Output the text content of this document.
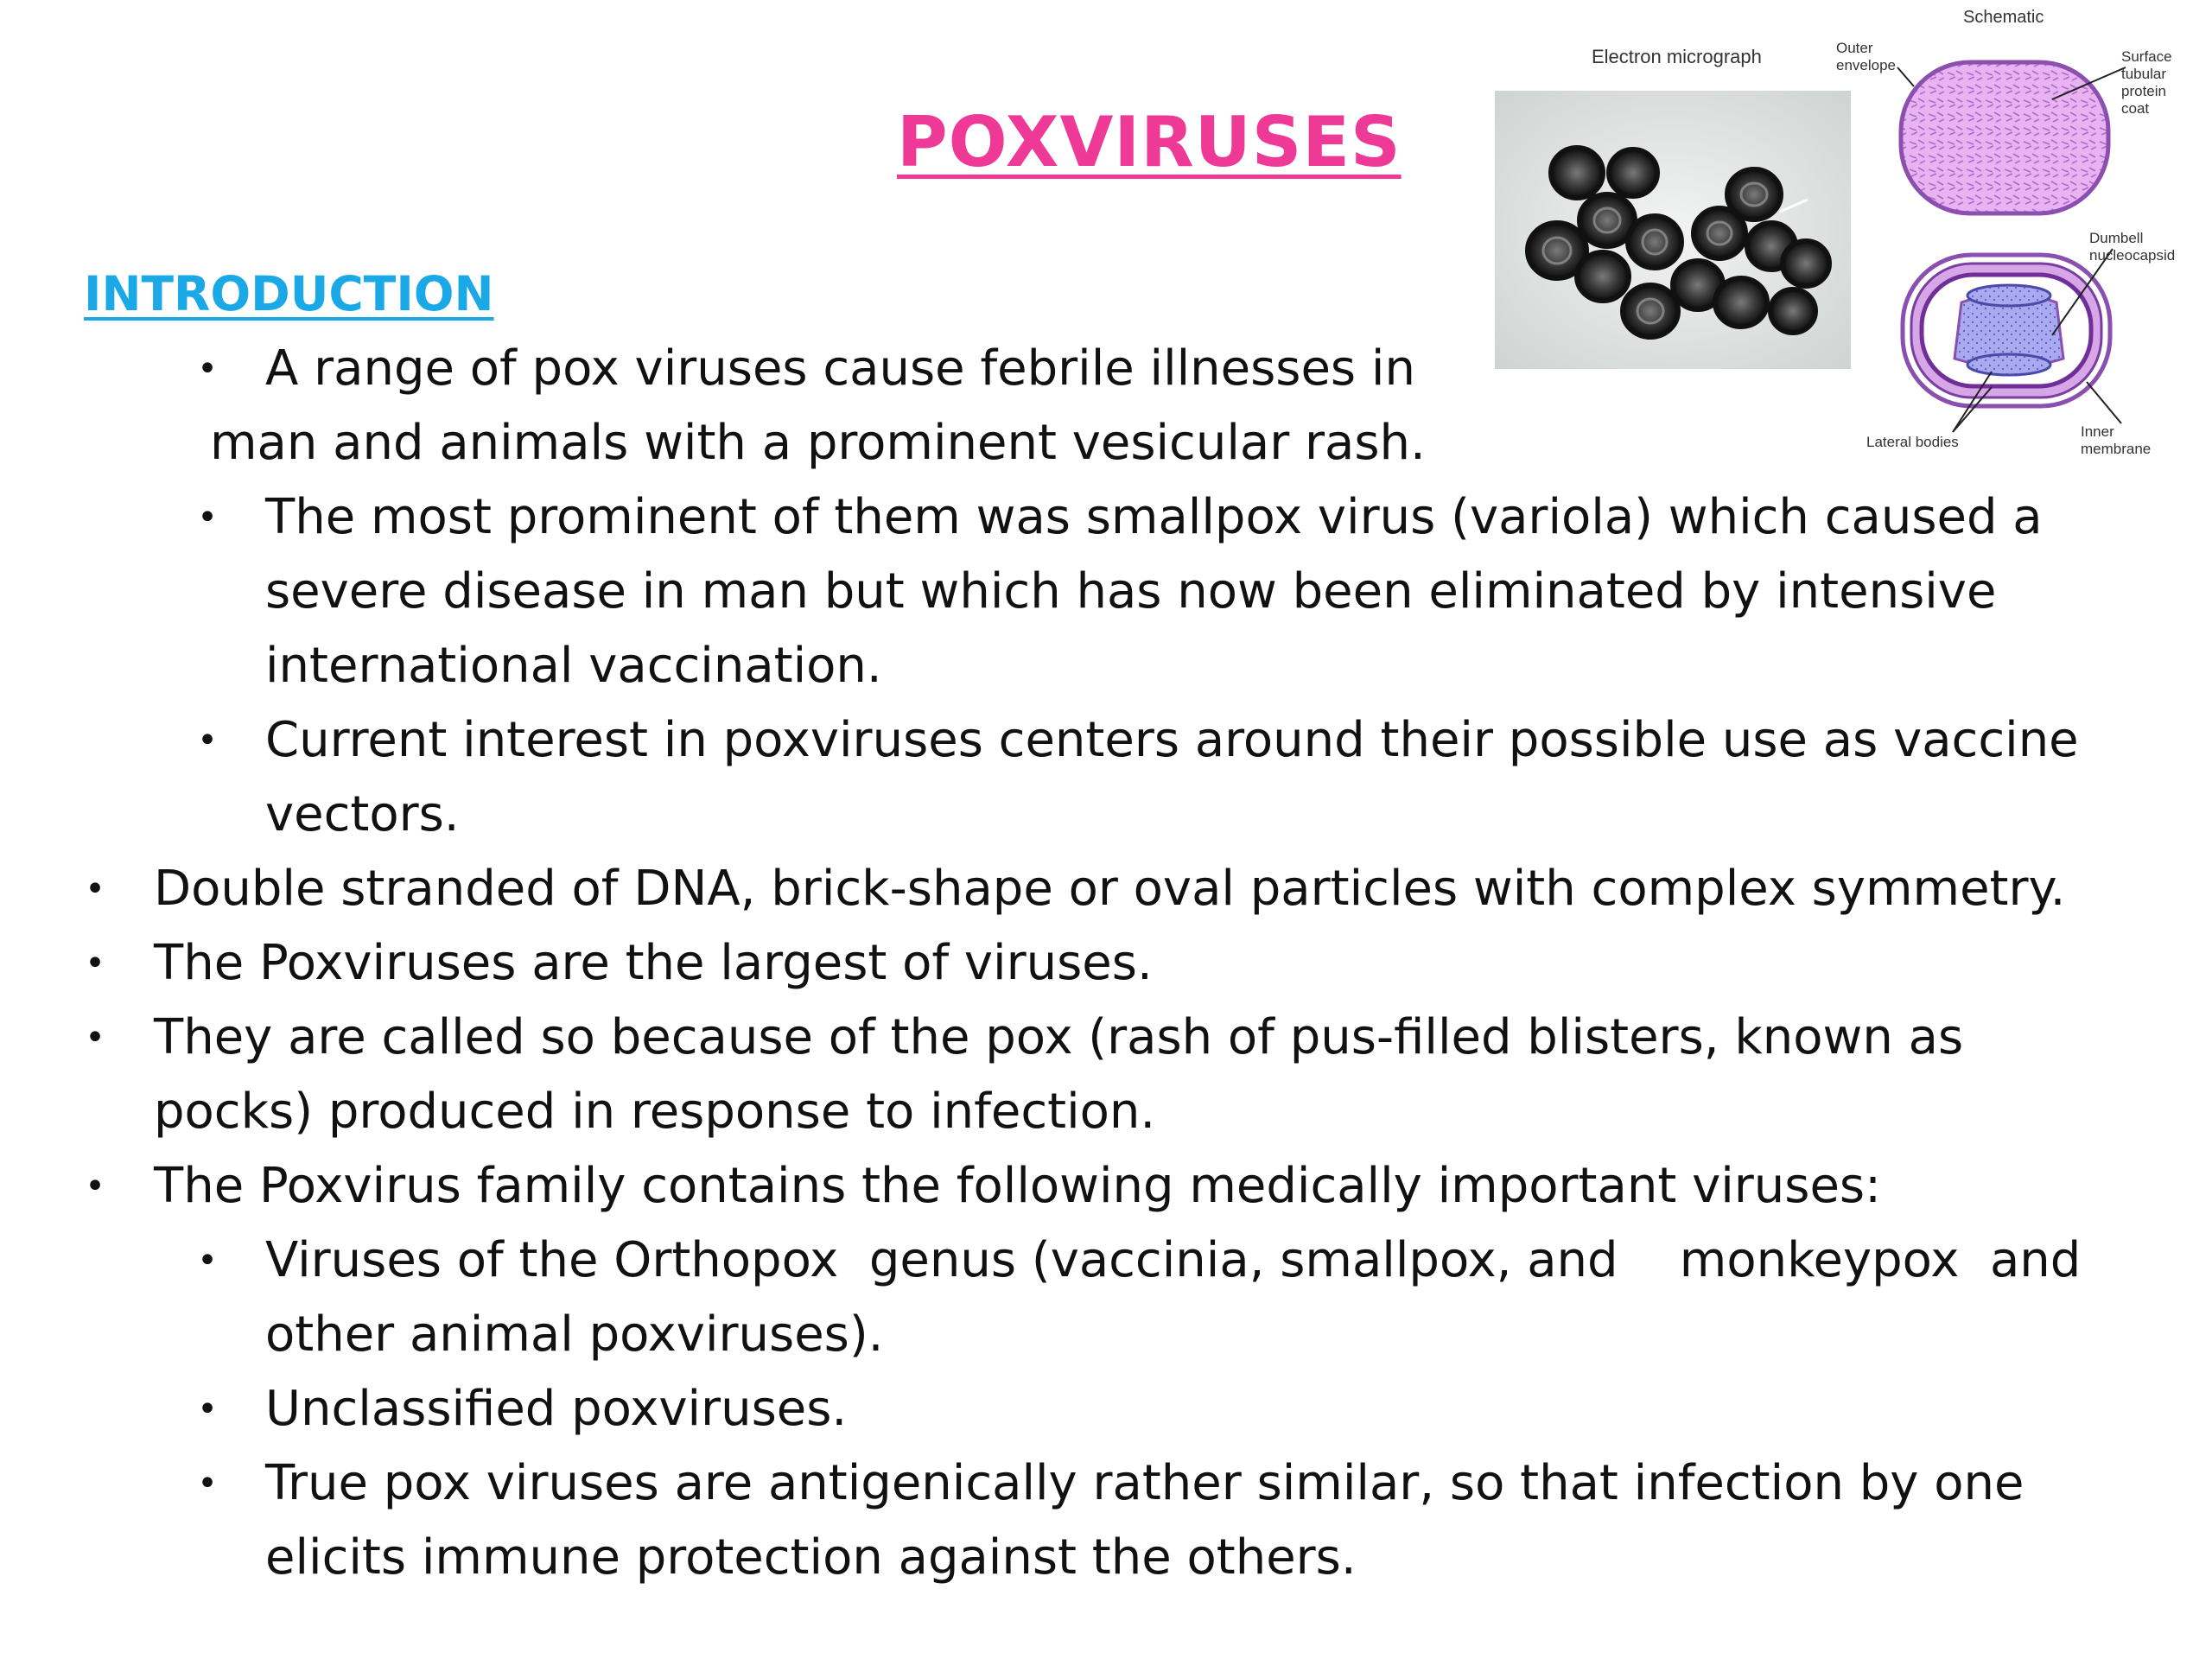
POXVIRUSES
INTRODUCTION
Electron micrograph
Schematic
Outer
envelope
Surface
tubular
protein
coat
Dumbell
nucleocapsid
Lateral bodies
Inner
membrane
•
A range of pox viruses cause febrile illnesses in
man and animals with a prominent vesicular rash.
•
The most prominent of them was smallpox virus (variola) which caused a
severe disease in man but which has now been eliminated by intensive
international vaccination.
•
Current interest in poxviruses centers around their possible use as vaccine
vectors.
•
Double stranded of DNA, brick-shape or oval particles with complex symmetry.
•
The Poxviruses are the largest of viruses.
•
They are called so because of the pox (rash of pus-filled blisters, known as
pocks) produced in response to infection.
•
The Poxvirus family contains the following medically important viruses:
•
Viruses of the Orthopox  genus (vaccinia, smallpox, and    monkeypox  and
other animal poxviruses).
•
Unclassified poxviruses.
•
True pox viruses are antigenically rather similar, so that infection by one
elicits immune protection against the others.
